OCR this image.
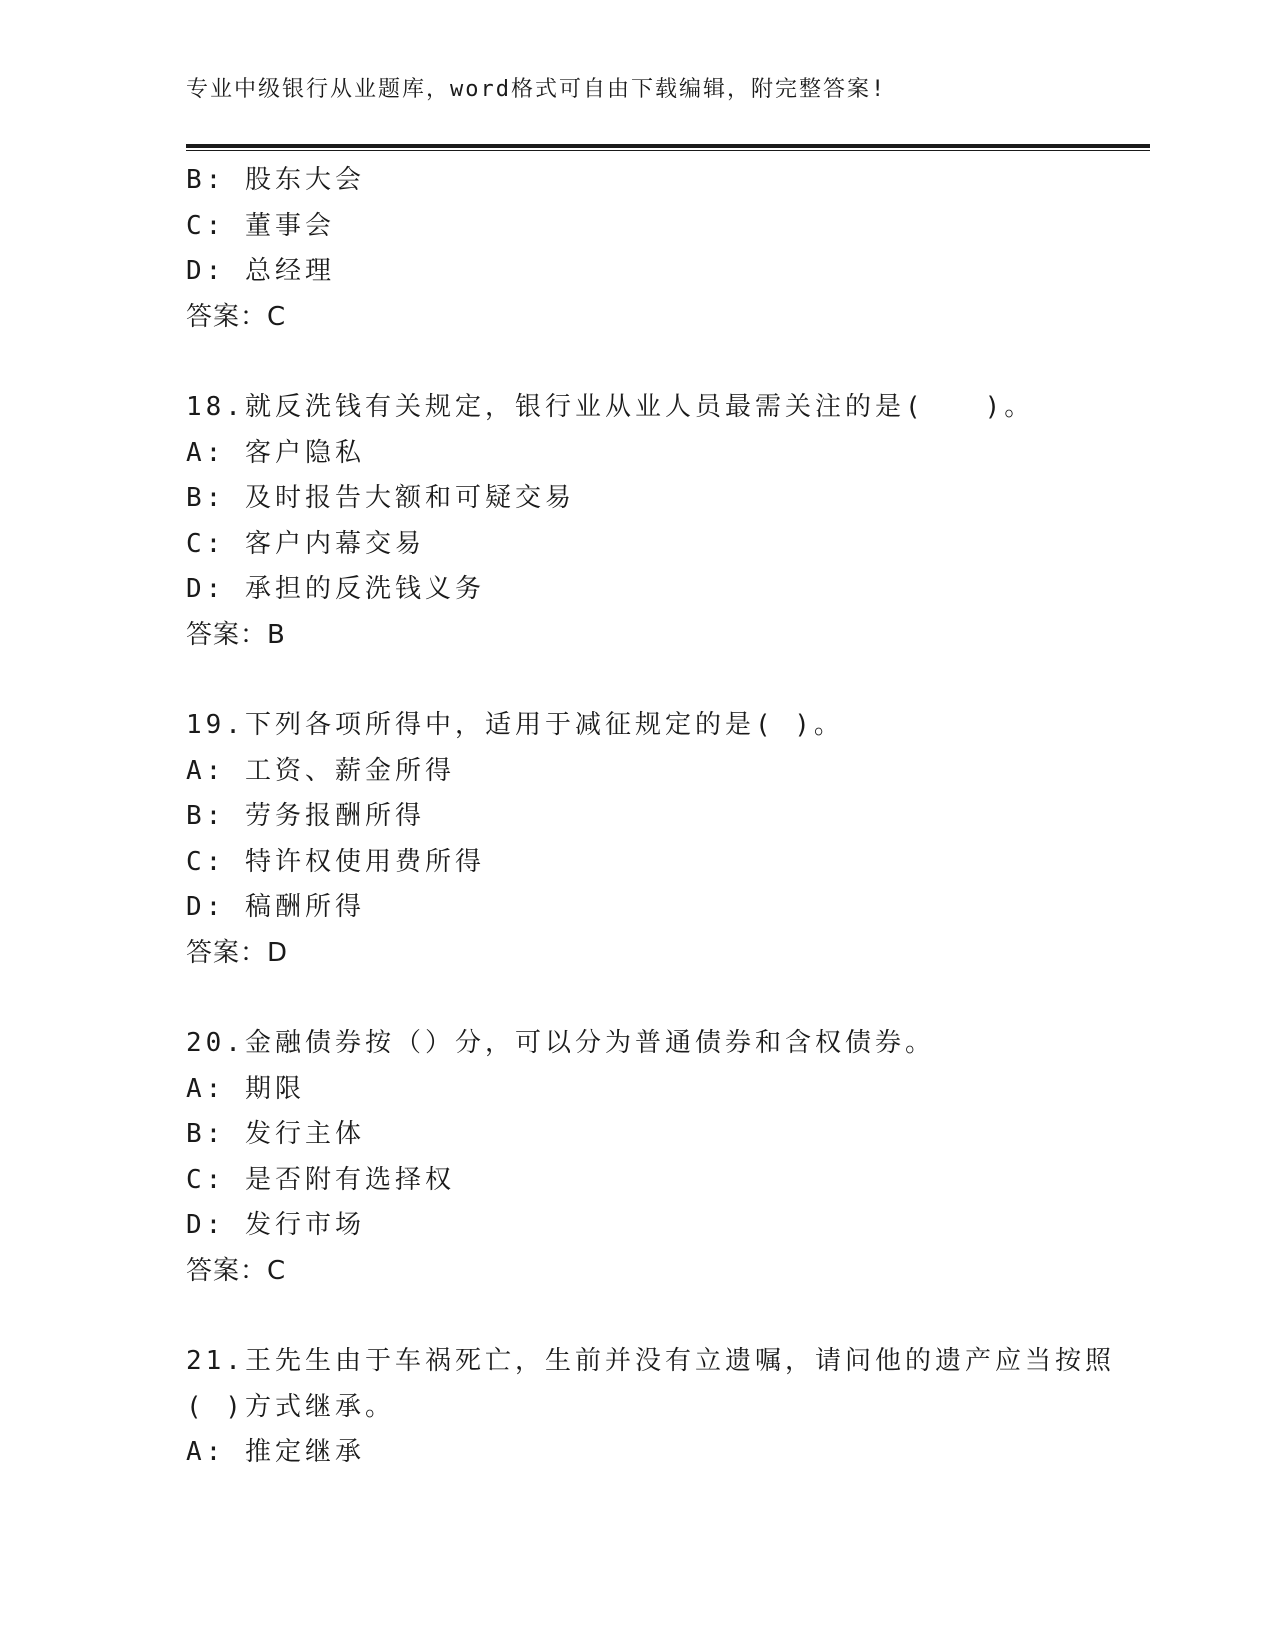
专业中级银行从业题库，word格式可自由下载编辑，附完整答案!
B: 股东大会
C: 董事会
D: 总经理
答案：C
18.就反洗钱有关规定，银行业从业人员最需关注的是(　　)。
A: 客户隐私
B: 及时报告大额和可疑交易
C: 客户内幕交易
D: 承担的反洗钱义务
答案：B
19.下列各项所得中，适用于减征规定的是( )。
A: 工资、薪金所得
B: 劳务报酬所得
C: 特许权使用费所得
D: 稿酬所得
答案：D
20.金融债券按（）分，可以分为普通债券和含权债券。
A: 期限
B: 发行主体
C: 是否附有选择权
D: 发行市场
答案：C
21.王先生由于车祸死亡，生前并没有立遗嘱，请问他的遗产应当按照
( )方式继承。
A: 推定继承
